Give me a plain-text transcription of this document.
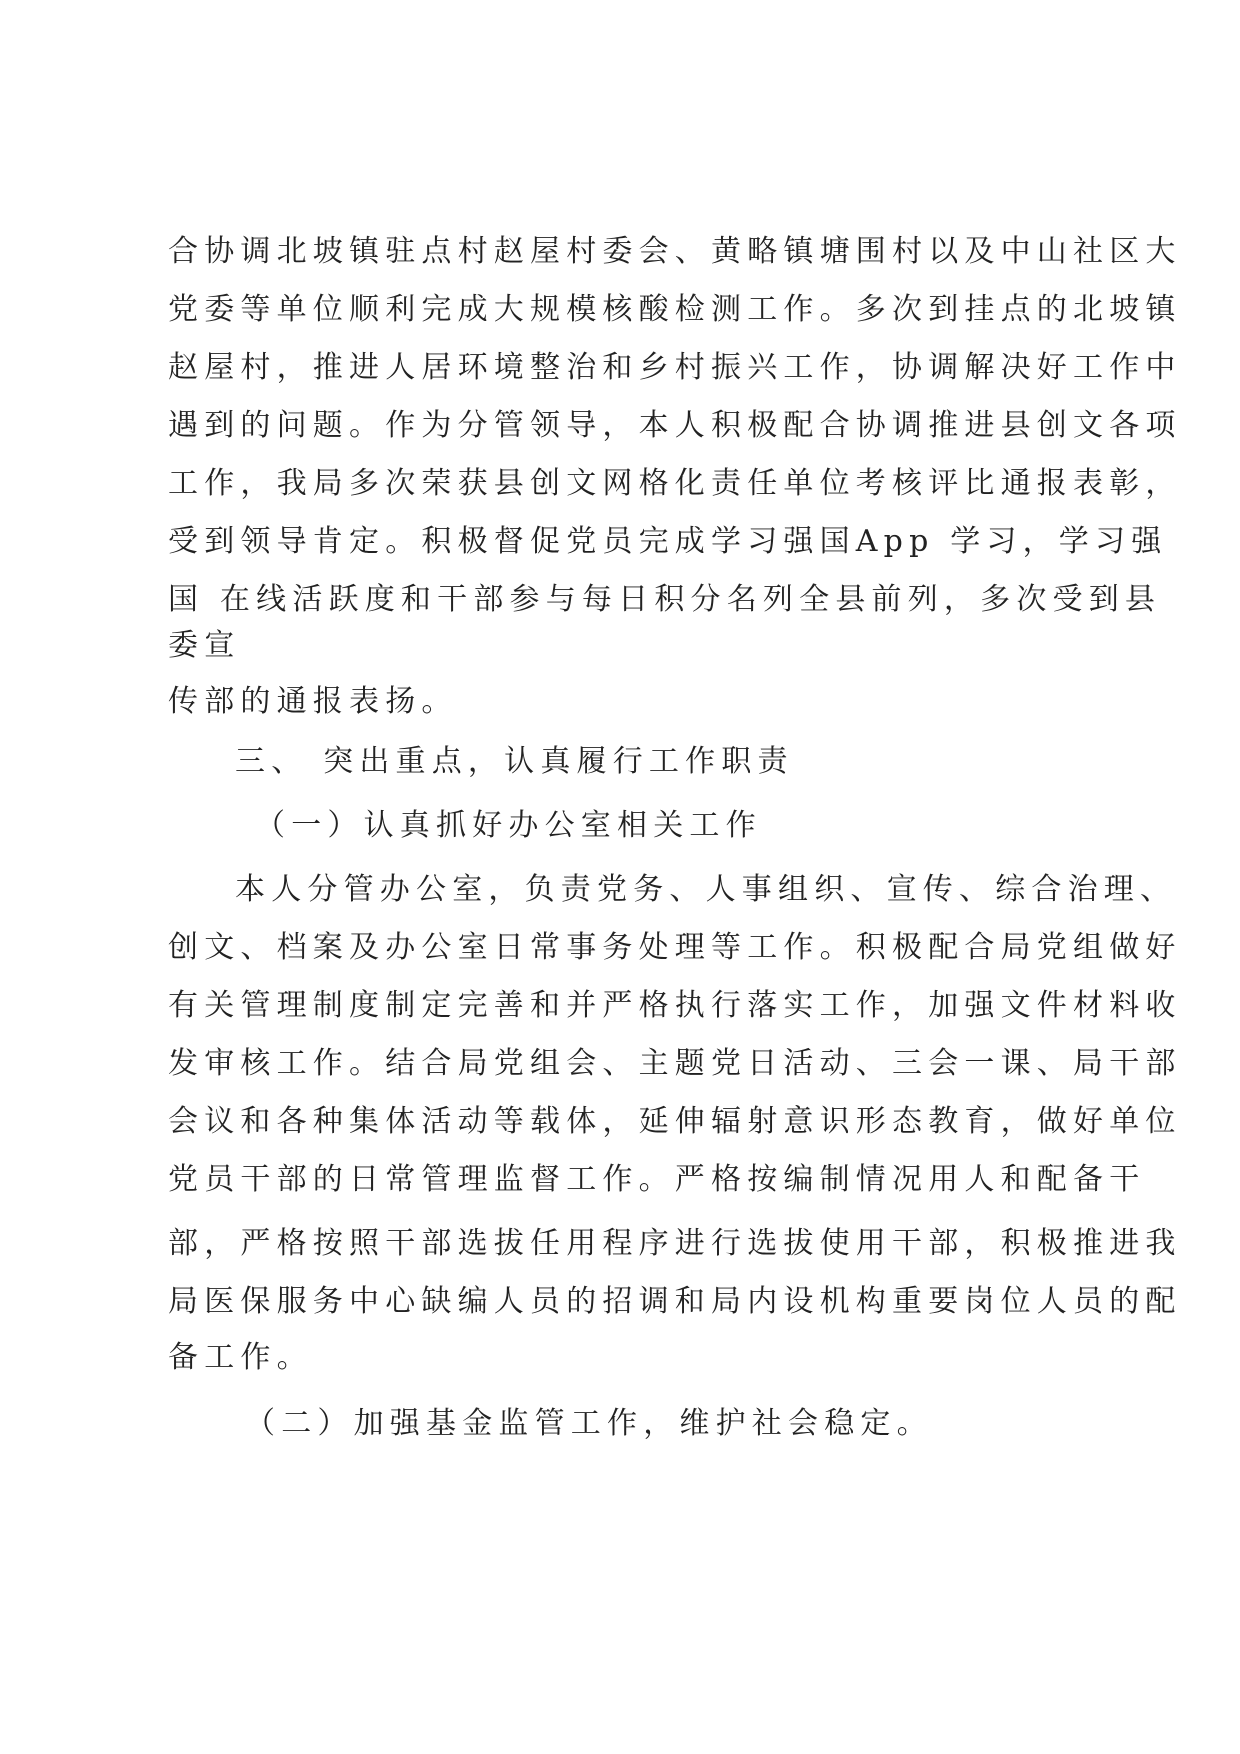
合协调北坡镇驻点村赵屋村委会、黄略镇塘围村以及中山社区大
党委等单位顺利完成大规模核酸检测工作。多次到挂点的北坡镇
赵屋村，推进人居环境整治和乡村振兴工作，协调解决好工作中
遇到的问题。作为分管领导，本人积极配合协调推进县创文各项
工作，我局多次荣获县创文网格化责任单位考核评比通报表彰，
受到领导肯定。积极督促党员完成学习强国App 学习，学习强
国 在线活跃度和干部参与每日积分名列全县前列，多次受到县
委宣
传部的通报表扬。
三、 突出重点，认真履行工作职责
（一）认真抓好办公室相关工作
本人分管办公室，负责党务、人事组织、宣传、综合治理、
创文、档案及办公室日常事务处理等工作。积极配合局党组做好
有关管理制度制定完善和并严格执行落实工作，加强文件材料收
发审核工作。结合局党组会、主题党日活动、三会一课、局干部
会议和各种集体活动等载体，延伸辐射意识形态教育，做好单位
党员干部的日常管理监督工作。严格按编制情况用人和配备干
部，严格按照干部选拔任用程序进行选拔使用干部，积极推进我
局医保服务中心缺编人员的招调和局内设机构重要岗位人员的配
备工作。
（二）加强基金监管工作，维护社会稳定。
